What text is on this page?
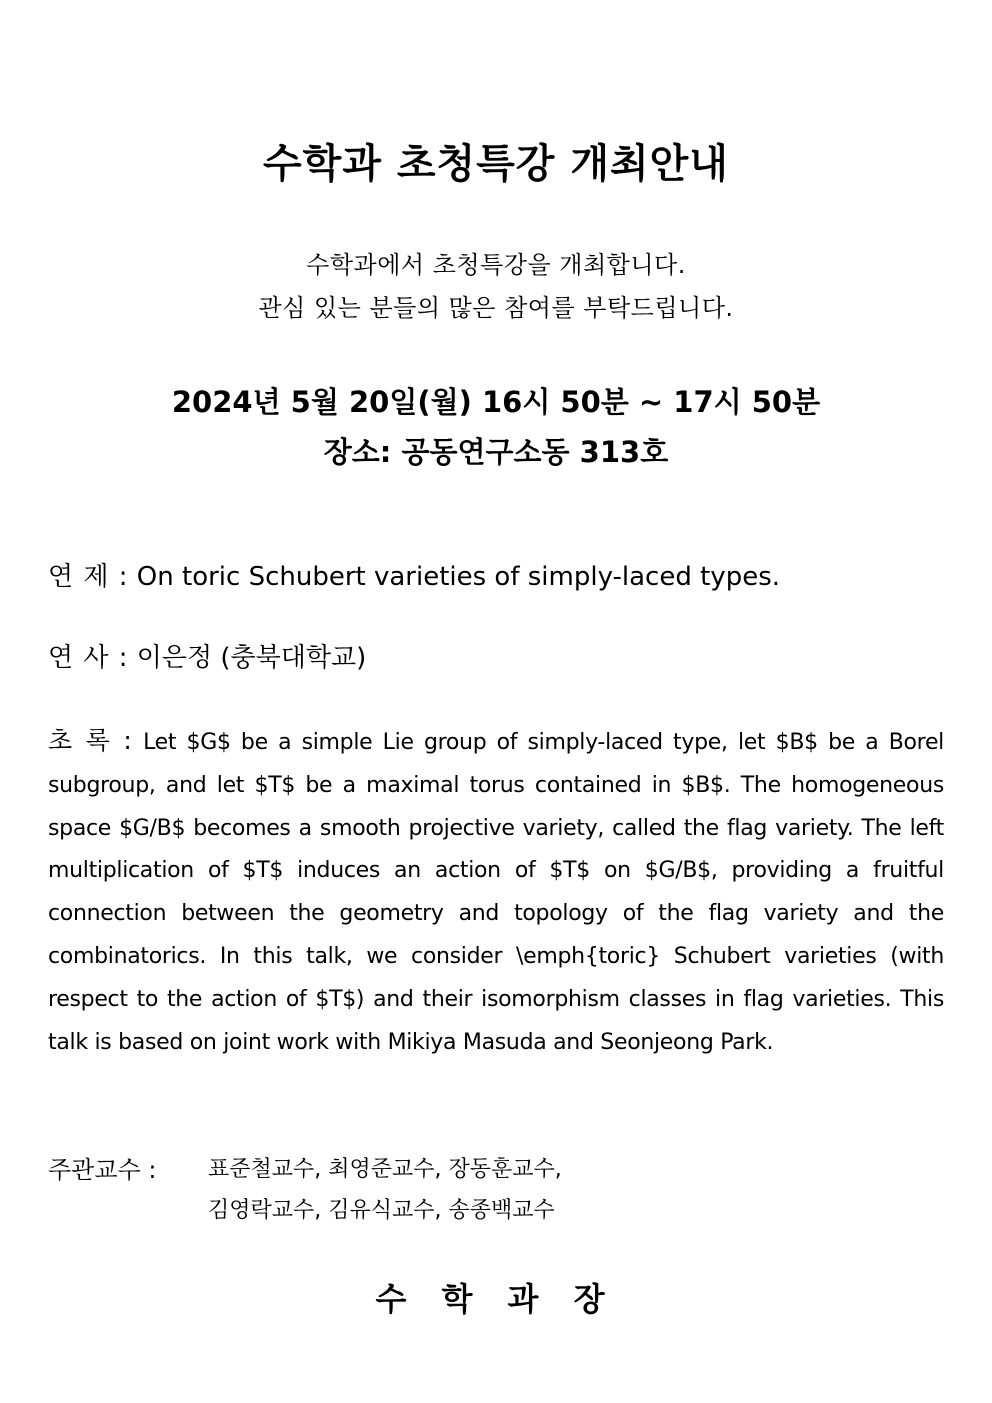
수학과 초청특강 개최안내
수학과에서 초청특강을 개최합니다.
관심 있는 분들의 많은 참여를 부탁드립니다.
2024년 5월 20일(월) 16시 50분 ~ 17시 50분
장소: 공동연구소동 313호
연 제 : On toric Schubert varieties of simply-laced types.
연 사 : 이은정 (충북대학교)
초 록 : Let $G$ be a simple Lie group of simply-laced type, let $B$ be a Borel subgroup, and let $T$ be a maximal torus contained in $B$. The homogeneous space $G/B$ becomes a smooth projective variety, called the flag variety. The left multiplication of $T$ induces an action of $T$ on $G/B$, providing a fruitful connection between the geometry and topology of the flag variety and the combinatorics. In this talk, we consider \emph{toric} Schubert varieties (with respect to the action of $T$) and their isomorphism classes in flag varieties. This talk is based on joint work with Mikiya Masuda and Seonjeong Park.
주관교수 : 표준철교수, 최영준교수, 장동훈교수,
김영락교수, 김유식교수, 송종백교수
수 학 과 장
